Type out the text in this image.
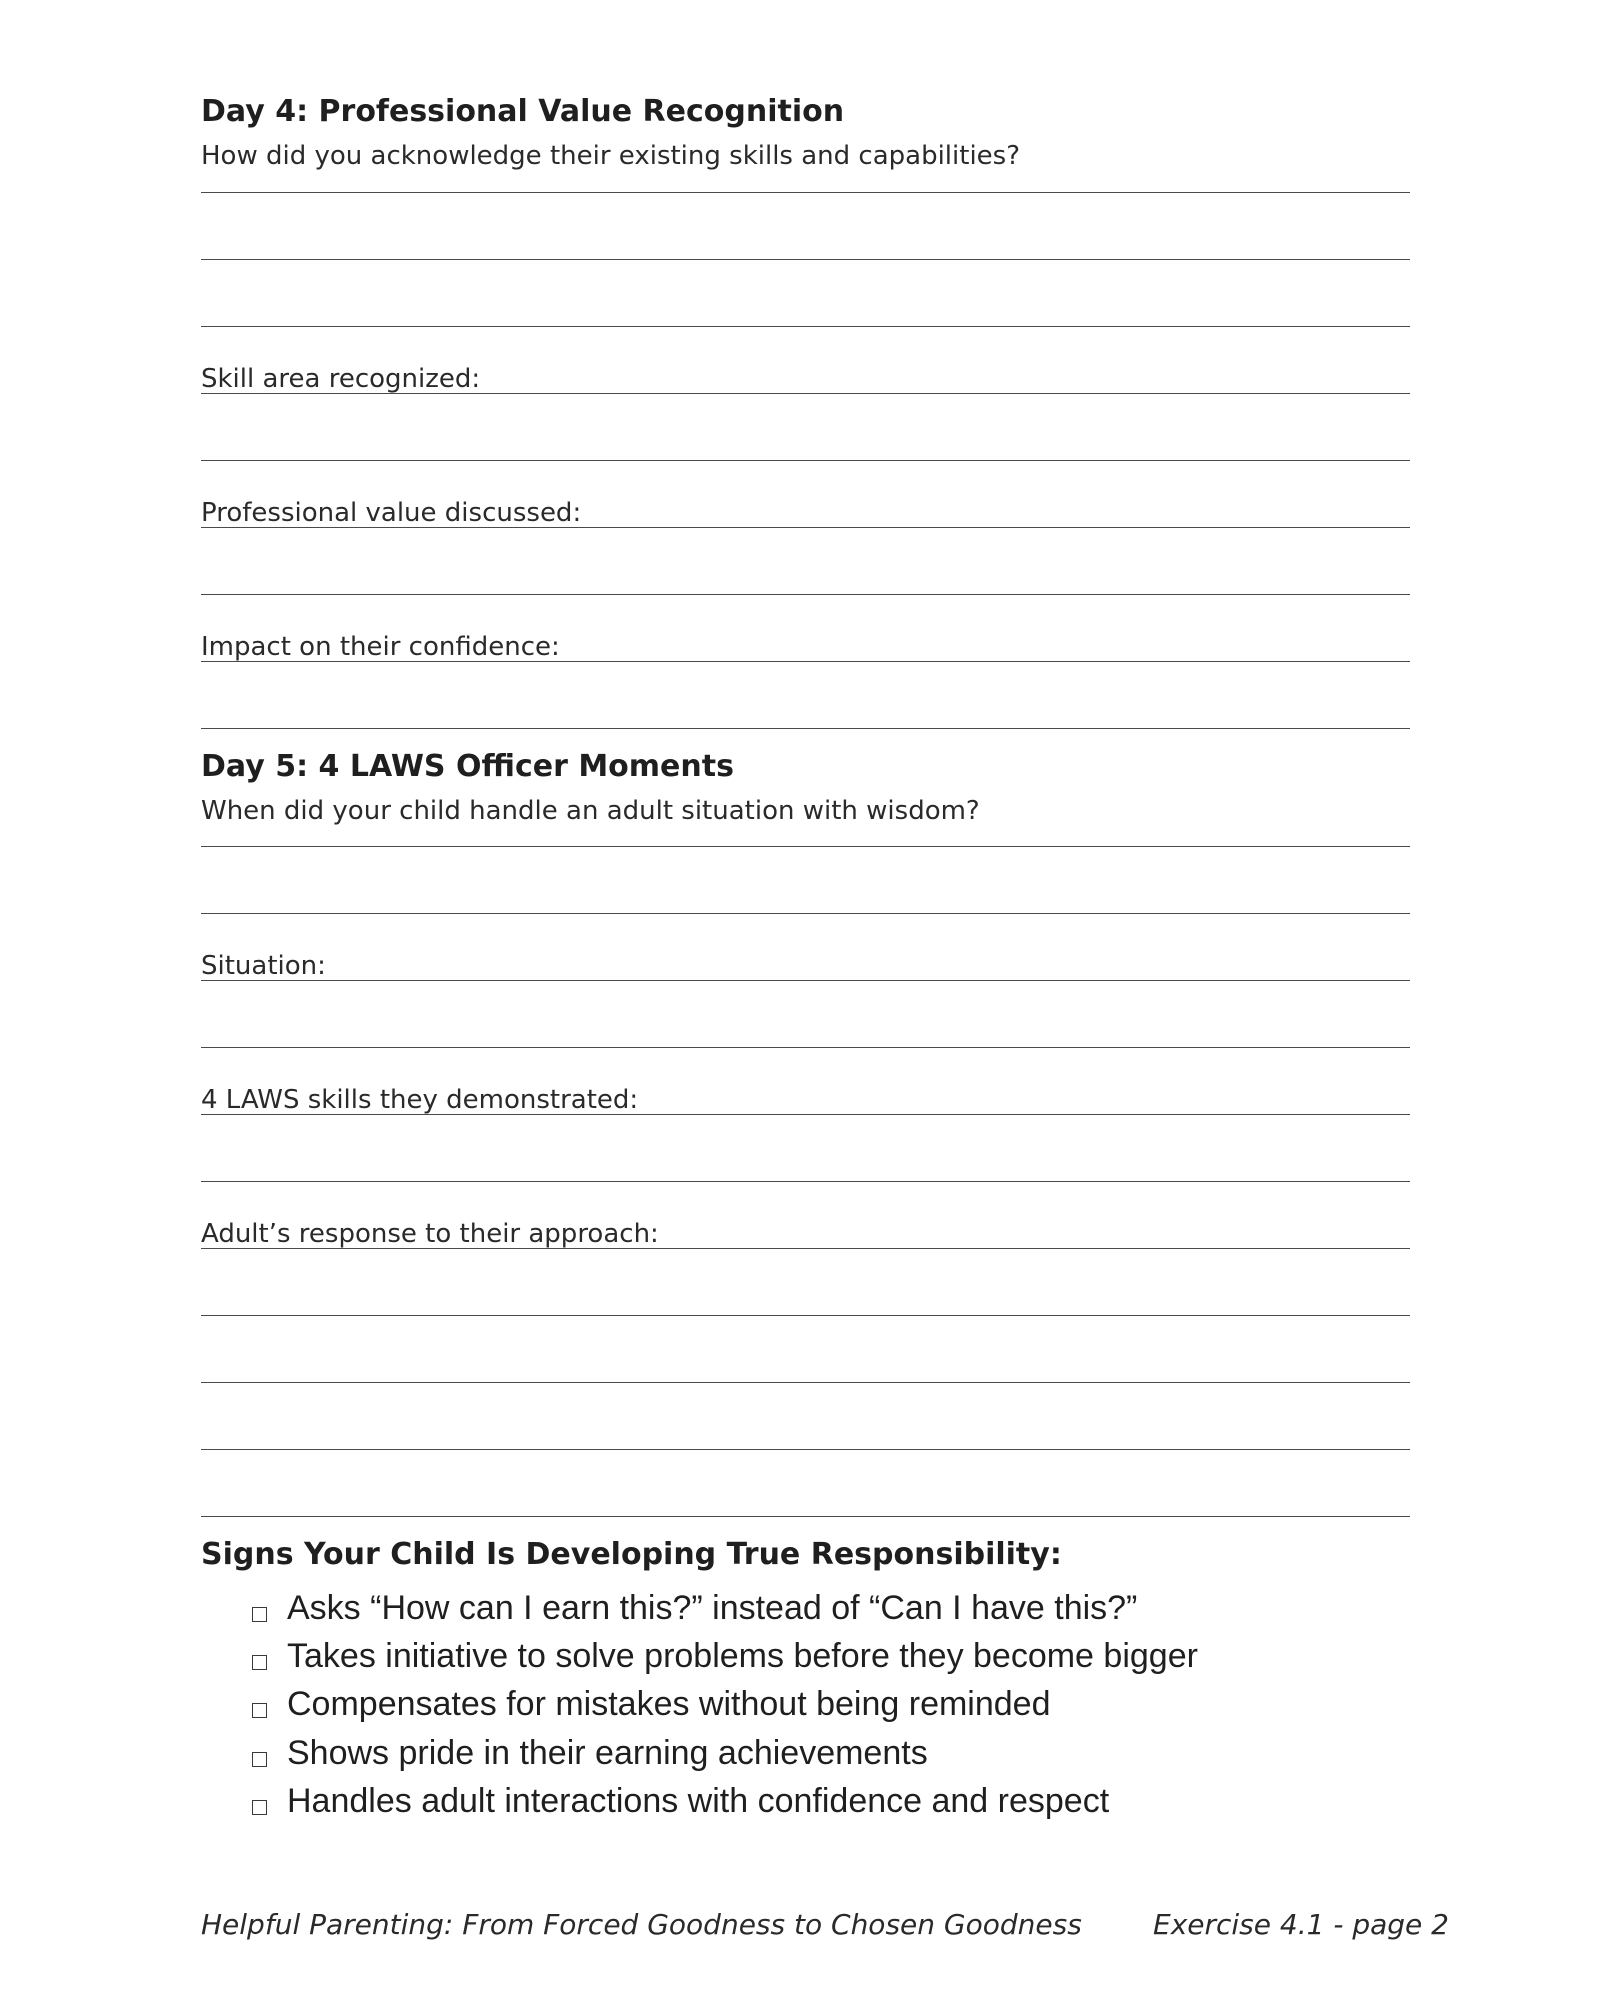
Day 4: Professional Value Recognition
How did you acknowledge their existing skills and capabilities?
Skill area recognized:
Professional value discussed:
Impact on their confidence:
Day 5: 4 LAWS Officer Moments
When did your child handle an adult situation with wisdom?
Situation:
4 LAWS skills they demonstrated:
Adult’s response to their approach:
Signs Your Child Is Developing True Responsibility:
Asks “How can I earn this?” instead of “Can I have this?”
Takes initiative to solve problems before they become bigger
Compensates for mistakes without being reminded
Shows pride in their earning achievements
Handles adult interactions with confidence and respect
Helpful Parenting: From Forced Goodness to Chosen Goodness	Exercise 4.1 - page 2
